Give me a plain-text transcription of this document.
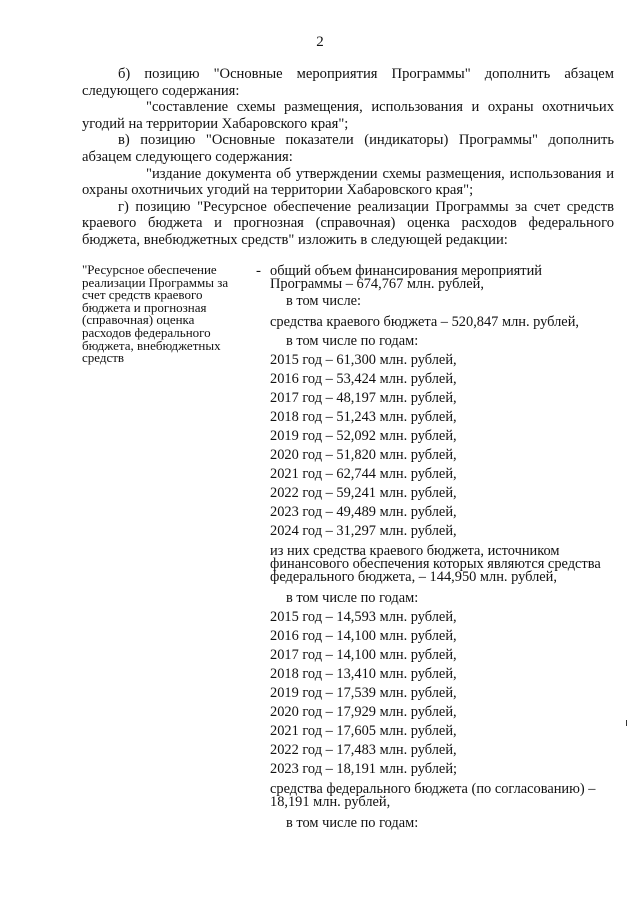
2

б) позицию "Основные мероприятия Программы" дополнить абзацем следующего содержания:

"составление схемы размещения, использования и охраны охотничьих угодий на территории Хабаровского края";

в) позицию "Основные показатели (индикаторы) Программы" дополнить абзацем следующего содержания:

"издание документа об утверждении схемы размещения, использования и охраны охотничьих угодий на территории Хабаровского края";

г) позицию "Ресурсное обеспечение реализации Программы за счет средств краевого бюджета и прогнозная (справочная) оценка расходов федерального бюджета, внебюджетных средств" изложить в следующей редакции:

"Ресурсное обеспечение реализации Программы за счет средств краевого бюджета и прогнозная (справочная) оценка расходов федерального бюджета, внебюджетных средств
- общий объем финансирования мероприятий Программы – 674,767 млн. рублей,
в том числе:
средства краевого бюджета – 520,847 млн. рублей,
в том числе по годам:
2015 год – 61,300 млн. рублей,
2016 год – 53,424 млн. рублей,
2017 год – 48,197 млн. рублей,
2018 год – 51,243 млн. рублей,
2019 год – 52,092 млн. рублей,
2020 год – 51,820 млн. рублей,
2021 год – 62,744 млн. рублей,
2022 год – 59,241 млн. рублей,
2023 год – 49,489 млн. рублей,
2024 год – 31,297 млн. рублей,
из них средства краевого бюджета, источником финансового обеспечения которых являются средства федерального бюджета, – 144,950 млн. рублей,
в том числе по годам:
2015 год – 14,593 млн. рублей,
2016 год – 14,100 млн. рублей,
2017 год – 14,100 млн. рублей,
2018 год – 13,410 млн. рублей,
2019 год – 17,539 млн. рублей,
2020 год – 17,929 млн. рублей,
2021 год – 17,605 млн. рублей,
2022 год – 17,483 млн. рублей,
2023 год – 18,191 млн. рублей;
средства федерального бюджета (по согласованию) – 18,191 млн. рублей,
в том числе по годам:
